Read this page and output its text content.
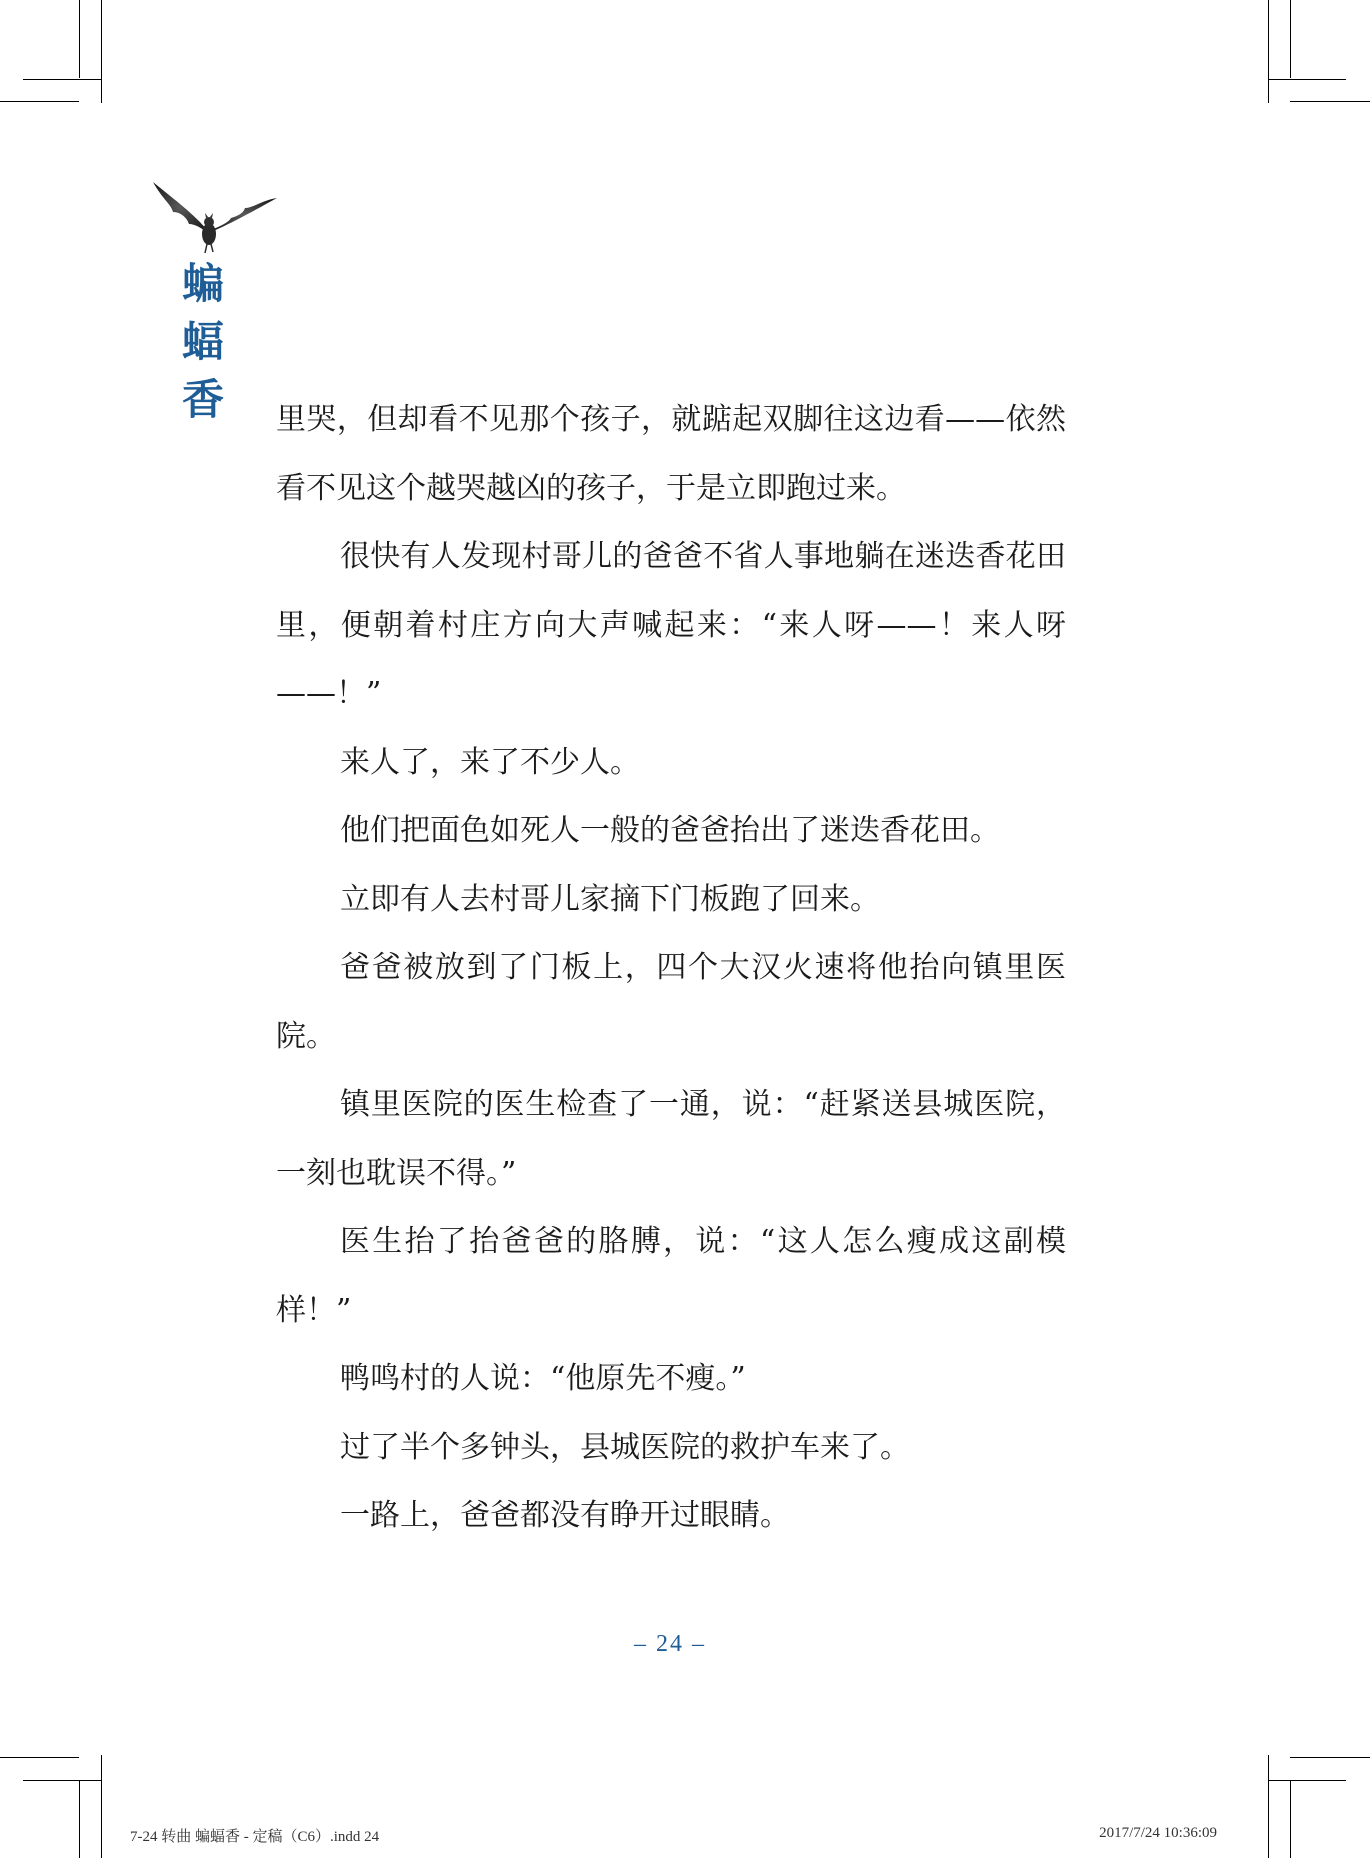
蝙
蝠
香 里哭，但却看不见那个孩子，就踮起双脚往这边看——依然看不见这个越哭越凶的孩子，于是立即跑过来。

很快有人发现村哥儿的爸爸不省人事地躺在迷迭香花田里，便朝着村庄方向大声喊起来：“来人呀——！来人呀——！”

来人了，来了不少人。

他们把面色如死人一般的爸爸抬出了迷迭香花田。

立即有人去村哥儿家摘下门板跑了回来。

爸爸被放到了门板上，四个大汉火速将他抬向镇里医院。

镇里医院的医生检查了一通，说：“赶紧送县城医院，一刻也耽误不得。”

医生抬了抬爸爸的胳膊，说：“这人怎么瘦成这副模样！”

鸭鸣村的人说：“他原先不瘦。”

过了半个多钟头，县城医院的救护车来了。

一路上，爸爸都没有睁开过眼睛。

– 24 –
7-24 转曲 蝙蝠香 - 定稿（C6）.indd 24	2017/7/24 10:36:09
